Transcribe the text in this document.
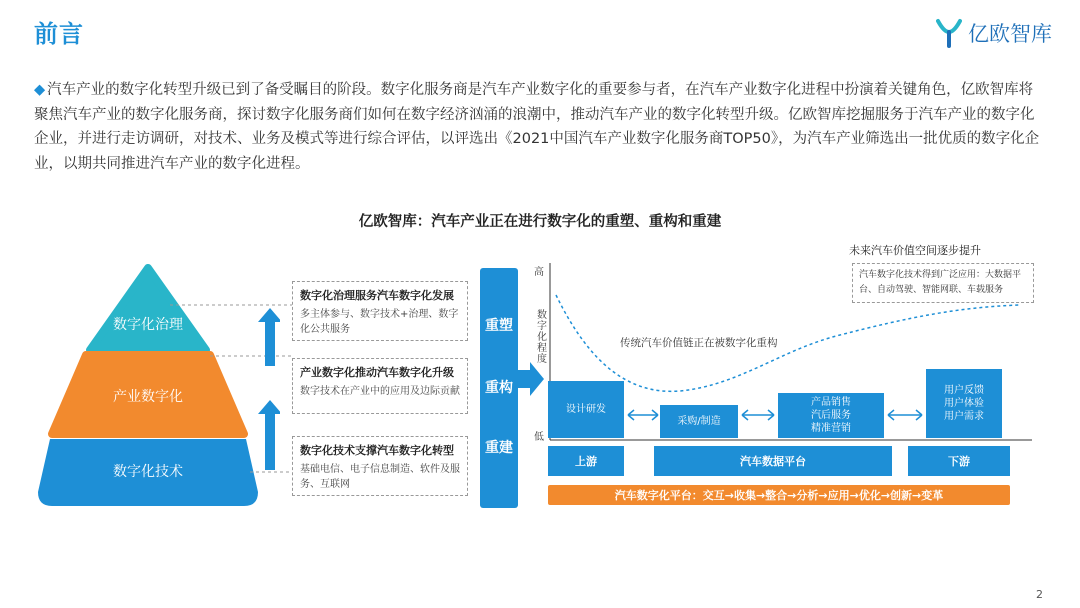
前言	亿欧智库
◆ 汽车产业的数字化转型升级已到了备受瞩目的阶段。数字化服务商是汽车产业数字化的重要参与者，在汽车产业数字化进程中扮演着关键角色，亿欧智库将聚焦汽车产业的数字化服务商，探讨数字化服务商们如何在数字经济汹涌的浪潮中，推动汽车产业的数字化转型升级。亿欧智库挖掘服务于汽车产业的数字化企业，并进行走访调研，对技术、业务及模式等进行综合评估，以评选出《2021中国汽车产业数字化服务商TOP50》，为汽车产业筛选出一批优质的数字化企业，以期共同推进汽车产业的数字化进程。
亿欧智库：汽车产业正在进行数字化的重塑、重构和重建
数字化治理
产业数字化
数字化技术
数字化治理服务汽车数字化发展
多主体参与、数字技术+治理、数字化公共服务
产业数字化推动汽车数字化升级
数字技术在产业中的应用及边际贡献
数字化技术支撑汽车数字化转型
基础电信、电子信息制造、软件及服务、互联网
重塑
重构
重建
高
低
数字化程度
未来汽车价值空间逐步提升
汽车数字化技术得到广泛应用：大数据平台、自动驾驶、智能网联、车载服务
传统汽车价值链正在被数字化重构
设计研发
采购/制造
产品销售
汽后服务
精准营销
用户反馈
用户体验
用户需求
上游	汽车数据平台	下游
汽车数字化平台：交互→收集→整合→分析→应用→优化→创新→变革
2
